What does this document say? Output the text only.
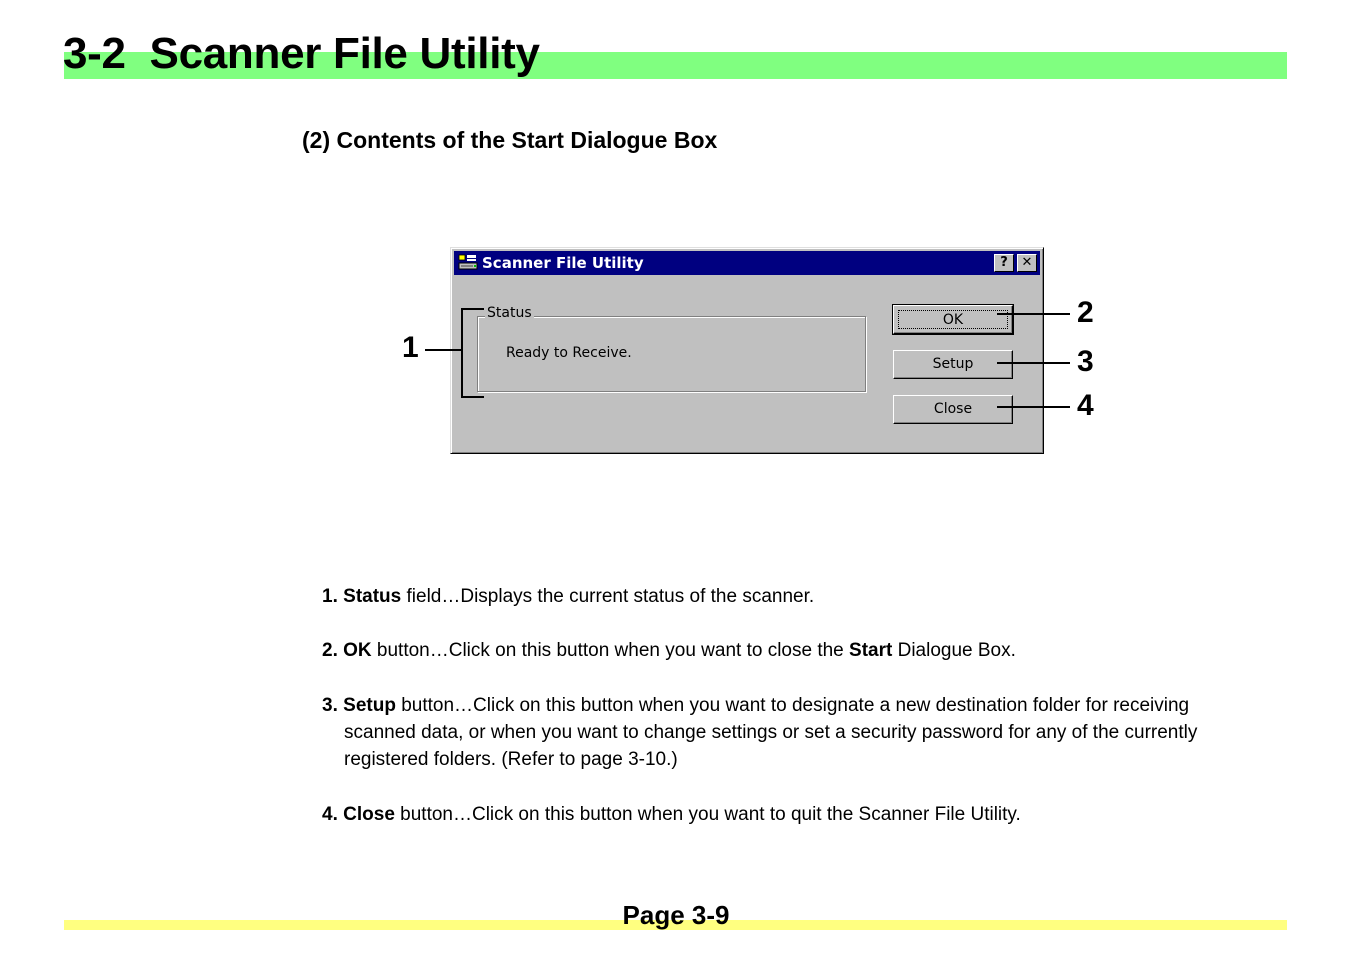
3-2  Scanner File Utility
(2) Contents of the Start Dialogue Box
Scanner File Utility	?	✕
Status
Ready to Receive.
OK
Setup
Close
1
2
3
4
1. Status field…Displays the current status of the scanner.
2. OK button…Click on this button when you want to close the Start Dialogue Box.
3. Setup button…Click on this button when you want to designate a new destination folder for receiving
scanned data, or when you want to change settings or set a security password for any of the currently
registered folders. (Refer to page 3-10.)
4. Close button…Click on this button when you want to quit the Scanner File Utility.
Page 3-9
